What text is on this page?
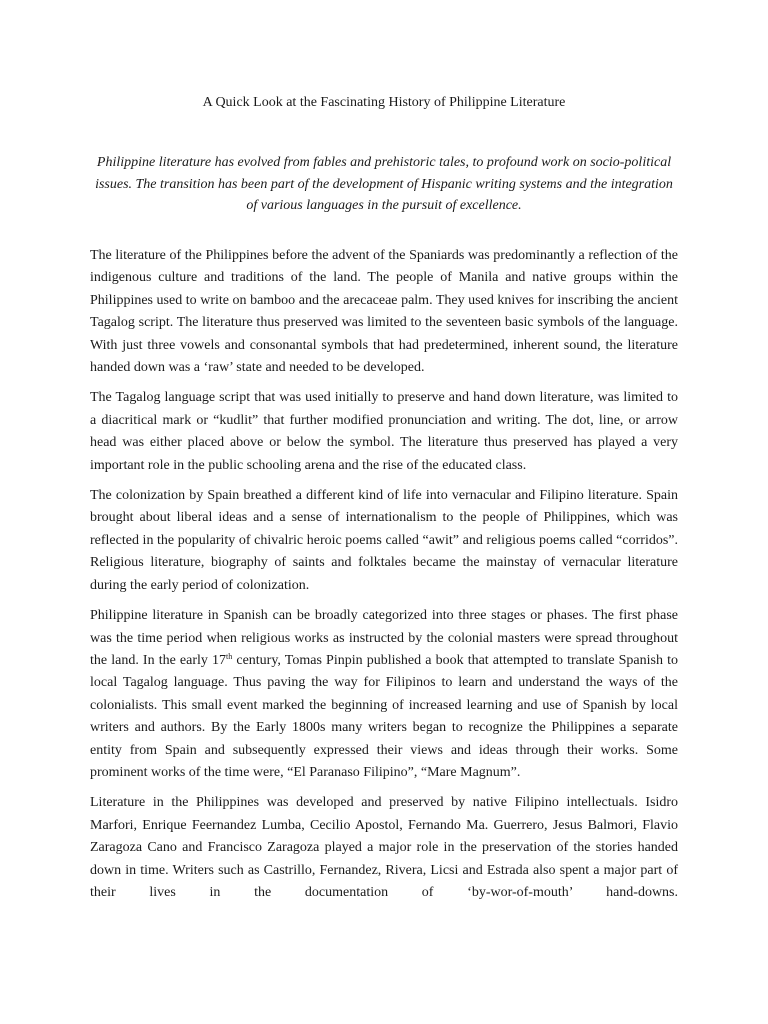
A Quick Look at the Fascinating History of Philippine Literature

Philippine literature has evolved from fables and prehistoric tales, to profound work on socio-political issues. The transition has been part of the development of Hispanic writing systems and the integration of various languages in the pursuit of excellence.

The literature of the Philippines before the advent of the Spaniards was predominantly a reflection of the indigenous culture and traditions of the land. The people of Manila and native groups within the Philippines used to write on bamboo and the arecaceae palm. They used knives for inscribing the ancient Tagalog script. The literature thus preserved was limited to the seventeen basic symbols of the language. With just three vowels and consonantal symbols that had predetermined, inherent sound, the literature handed down was a ‘raw’ state and needed to be developed.

The Tagalog language script that was used initially to preserve and hand down literature, was limited to a diacritical mark or “kudlit” that further modified pronunciation and writing. The dot, line, or arrow head was either placed above or below the symbol. The literature thus preserved has played a very important role in the public schooling arena and the rise of the educated class.

The colonization by Spain breathed a different kind of life into vernacular and Filipino literature. Spain brought about liberal ideas and a sense of internationalism to the people of Philippines, which was reflected in the popularity of chivalric heroic poems called “awit” and religious poems called “corridos”. Religious literature, biography of saints and folktales became the mainstay of vernacular literature during the early period of colonization.

Philippine literature in Spanish can be broadly categorized into three stages or phases. The first phase was the time period when religious works as instructed by the colonial masters were spread throughout the land. In the early 17th century, Tomas Pinpin published a book that attempted to translate Spanish to local Tagalog language. Thus paving the way for Filipinos to learn and understand the ways of the colonialists. This small event marked the beginning of increased learning and use of Spanish by local writers and authors. By the Early 1800s many writers began to recognize the Philippines a separate entity from Spain and subsequently expressed their views and ideas through their works. Some prominent works of the time were, “El Paranaso Filipino”, “Mare Magnum”.

Literature in the Philippines was developed and preserved by native Filipino intellectuals. Isidro Marfori, Enrique Feernandez Lumba, Cecilio Apostol, Fernando Ma. Guerrero, Jesus Balmori, Flavio Zaragoza Cano and Francisco Zaragoza played a major role in the preservation of the stories handed down in time. Writers such as Castrillo, Fernandez, Rivera, Licsi and Estrada also spent a major part of their lives in the documentation of ‘by-wor-of-mouth’ hand-downs.
